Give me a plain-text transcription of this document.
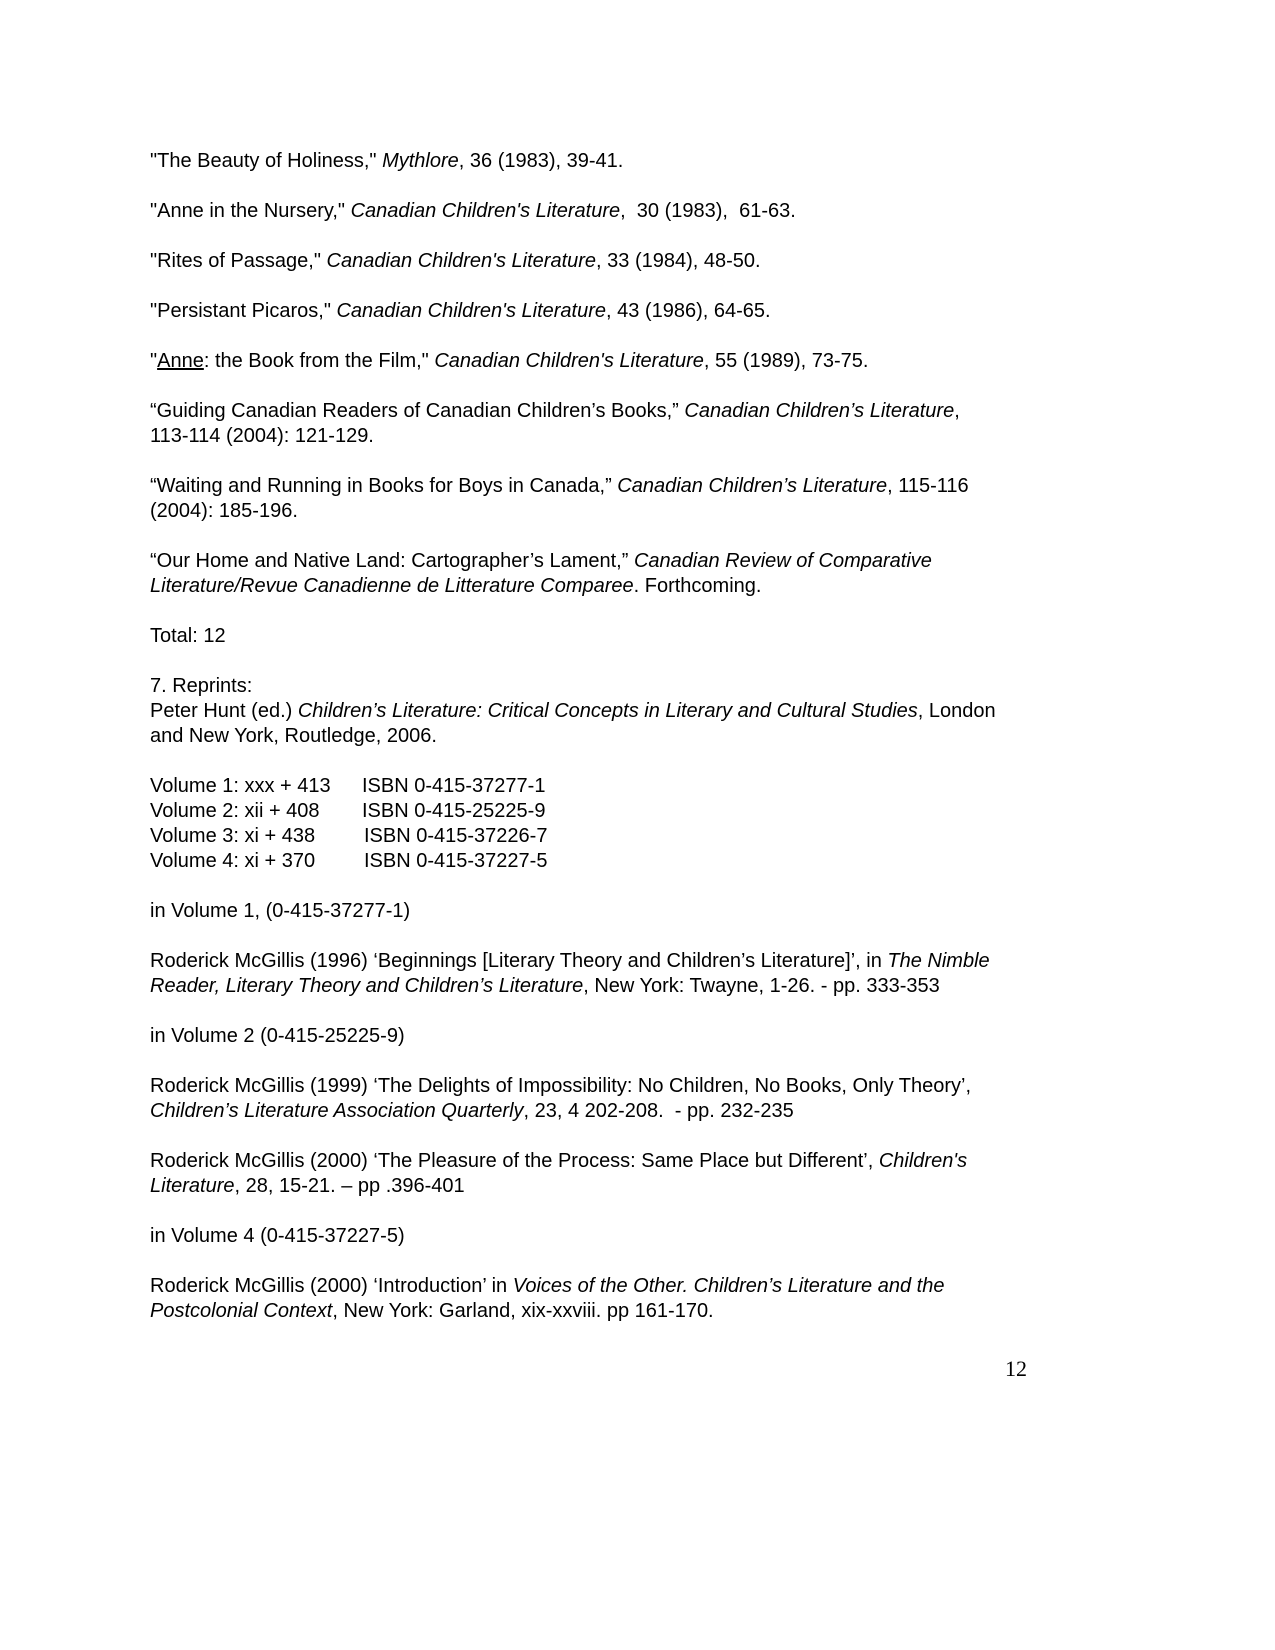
"The Beauty of Holiness," Mythlore, 36 (1983), 39-41.
"Anne in the Nursery," Canadian Children's Literature,  30 (1983),  61-63.
"Rites of Passage," Canadian Children's Literature, 33 (1984), 48-50.
"Persistant Picaros," Canadian Children's Literature, 43 (1986), 64-65.
"Anne: the Book from the Film," Canadian Children's Literature, 55 (1989), 73-75.
“Guiding Canadian Readers of Canadian Children’s Books,” Canadian Children’s Literature,
113-114 (2004): 121-129.
“Waiting and Running in Books for Boys in Canada,” Canadian Children’s Literature, 115-116
(2004): 185-196.
“Our Home and Native Land: Cartographer’s Lament,” Canadian Review of Comparative
Literature/Revue Canadienne de Litterature Comparee. Forthcoming.
Total: 12
7. Reprints:
Peter Hunt (ed.) Children’s Literature: Critical Concepts in Literary and Cultural Studies, London
and New York, Routledge, 2006.
Volume 1: xxx + 413	ISBN 0-415-37277-1
Volume 2: xii + 408	ISBN 0-415-25225-9
Volume 3: xi + 438	ISBN 0-415-37226-7
Volume 4: xi + 370	ISBN 0-415-37227-5
in Volume 1, (0-415-37277-1)
Roderick McGillis (1996) ‘Beginnings [Literary Theory and Children’s Literature]’, in The Nimble
Reader, Literary Theory and Children’s Literature, New York: Twayne, 1-26. - pp. 333-353
in Volume 2 (0-415-25225-9)
Roderick McGillis (1999) ‘The Delights of Impossibility: No Children, No Books, Only Theory’,
Children’s Literature Association Quarterly, 23, 4 202-208.  - pp. 232-235
Roderick McGillis (2000) ‘The Pleasure of the Process: Same Place but Different’, Children's
Literature, 28, 15-21. – pp .396-401
in Volume 4 (0-415-37227-5)
Roderick McGillis (2000) ‘Introduction’ in Voices of the Other. Children’s Literature and the
Postcolonial Context, New York: Garland, xix-xxviii. pp 161-170.
12
